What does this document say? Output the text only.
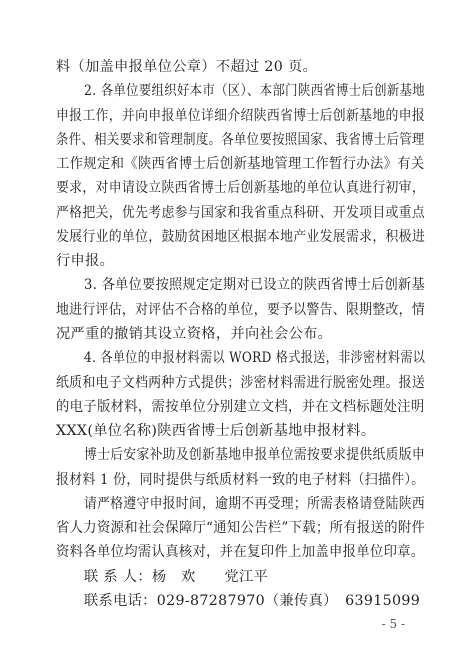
料（加盖申报单位公章）不超过 20 页。
2. 各单位要组织好本市（区）、本部门陕西省博士后创新基地
申报工作，并向申报单位详细介绍陕西省博士后创新基地的申报
条件、相关要求和管理制度。各单位要按照国家、我省博士后管理
工作规定和《陕西省博士后创新基地管理工作暂行办法》有关
要求，对申请设立陕西省博士后创新基地的单位认真进行初审，
严格把关，优先考虑参与国家和我省重点科研、开发项目或重点
发展行业的单位，鼓励贫困地区根据本地产业发展需求，积极进
行申报。
3. 各单位要按照规定定期对已设立的陕西省博士后创新基
地进行评估，对评估不合格的单位，要予以警告、限期整改，情
况严重的撤销其设立资格，并向社会公布。
4. 各单位的申报材料需以 WORD 格式报送，非涉密材料需以
纸质和电子文档两种方式提供；涉密材料需进行脱密处理。报送
的电子版材料，需按单位分别建立文档，并在文档标题处注明
XXX(单位名称)陕西省博士后创新基地申报材料。
博士后安家补助及创新基地申报单位需按要求提供纸质版申
报材料 1 份，同时提供与纸质材料一致的电子材料（扫描件）。
请严格遵守申报时间，逾期不再受理；所需表格请登陆陕西
省人力资源和社会保障厅“通知公告栏”下载；所有报送的附件
资料各单位均需认真核对，并在复印件上加盖申报单位印章。
联 系 人：杨　欢　　党江平
联系电话：029-87287970（兼传真）　63915099
- 5 -
